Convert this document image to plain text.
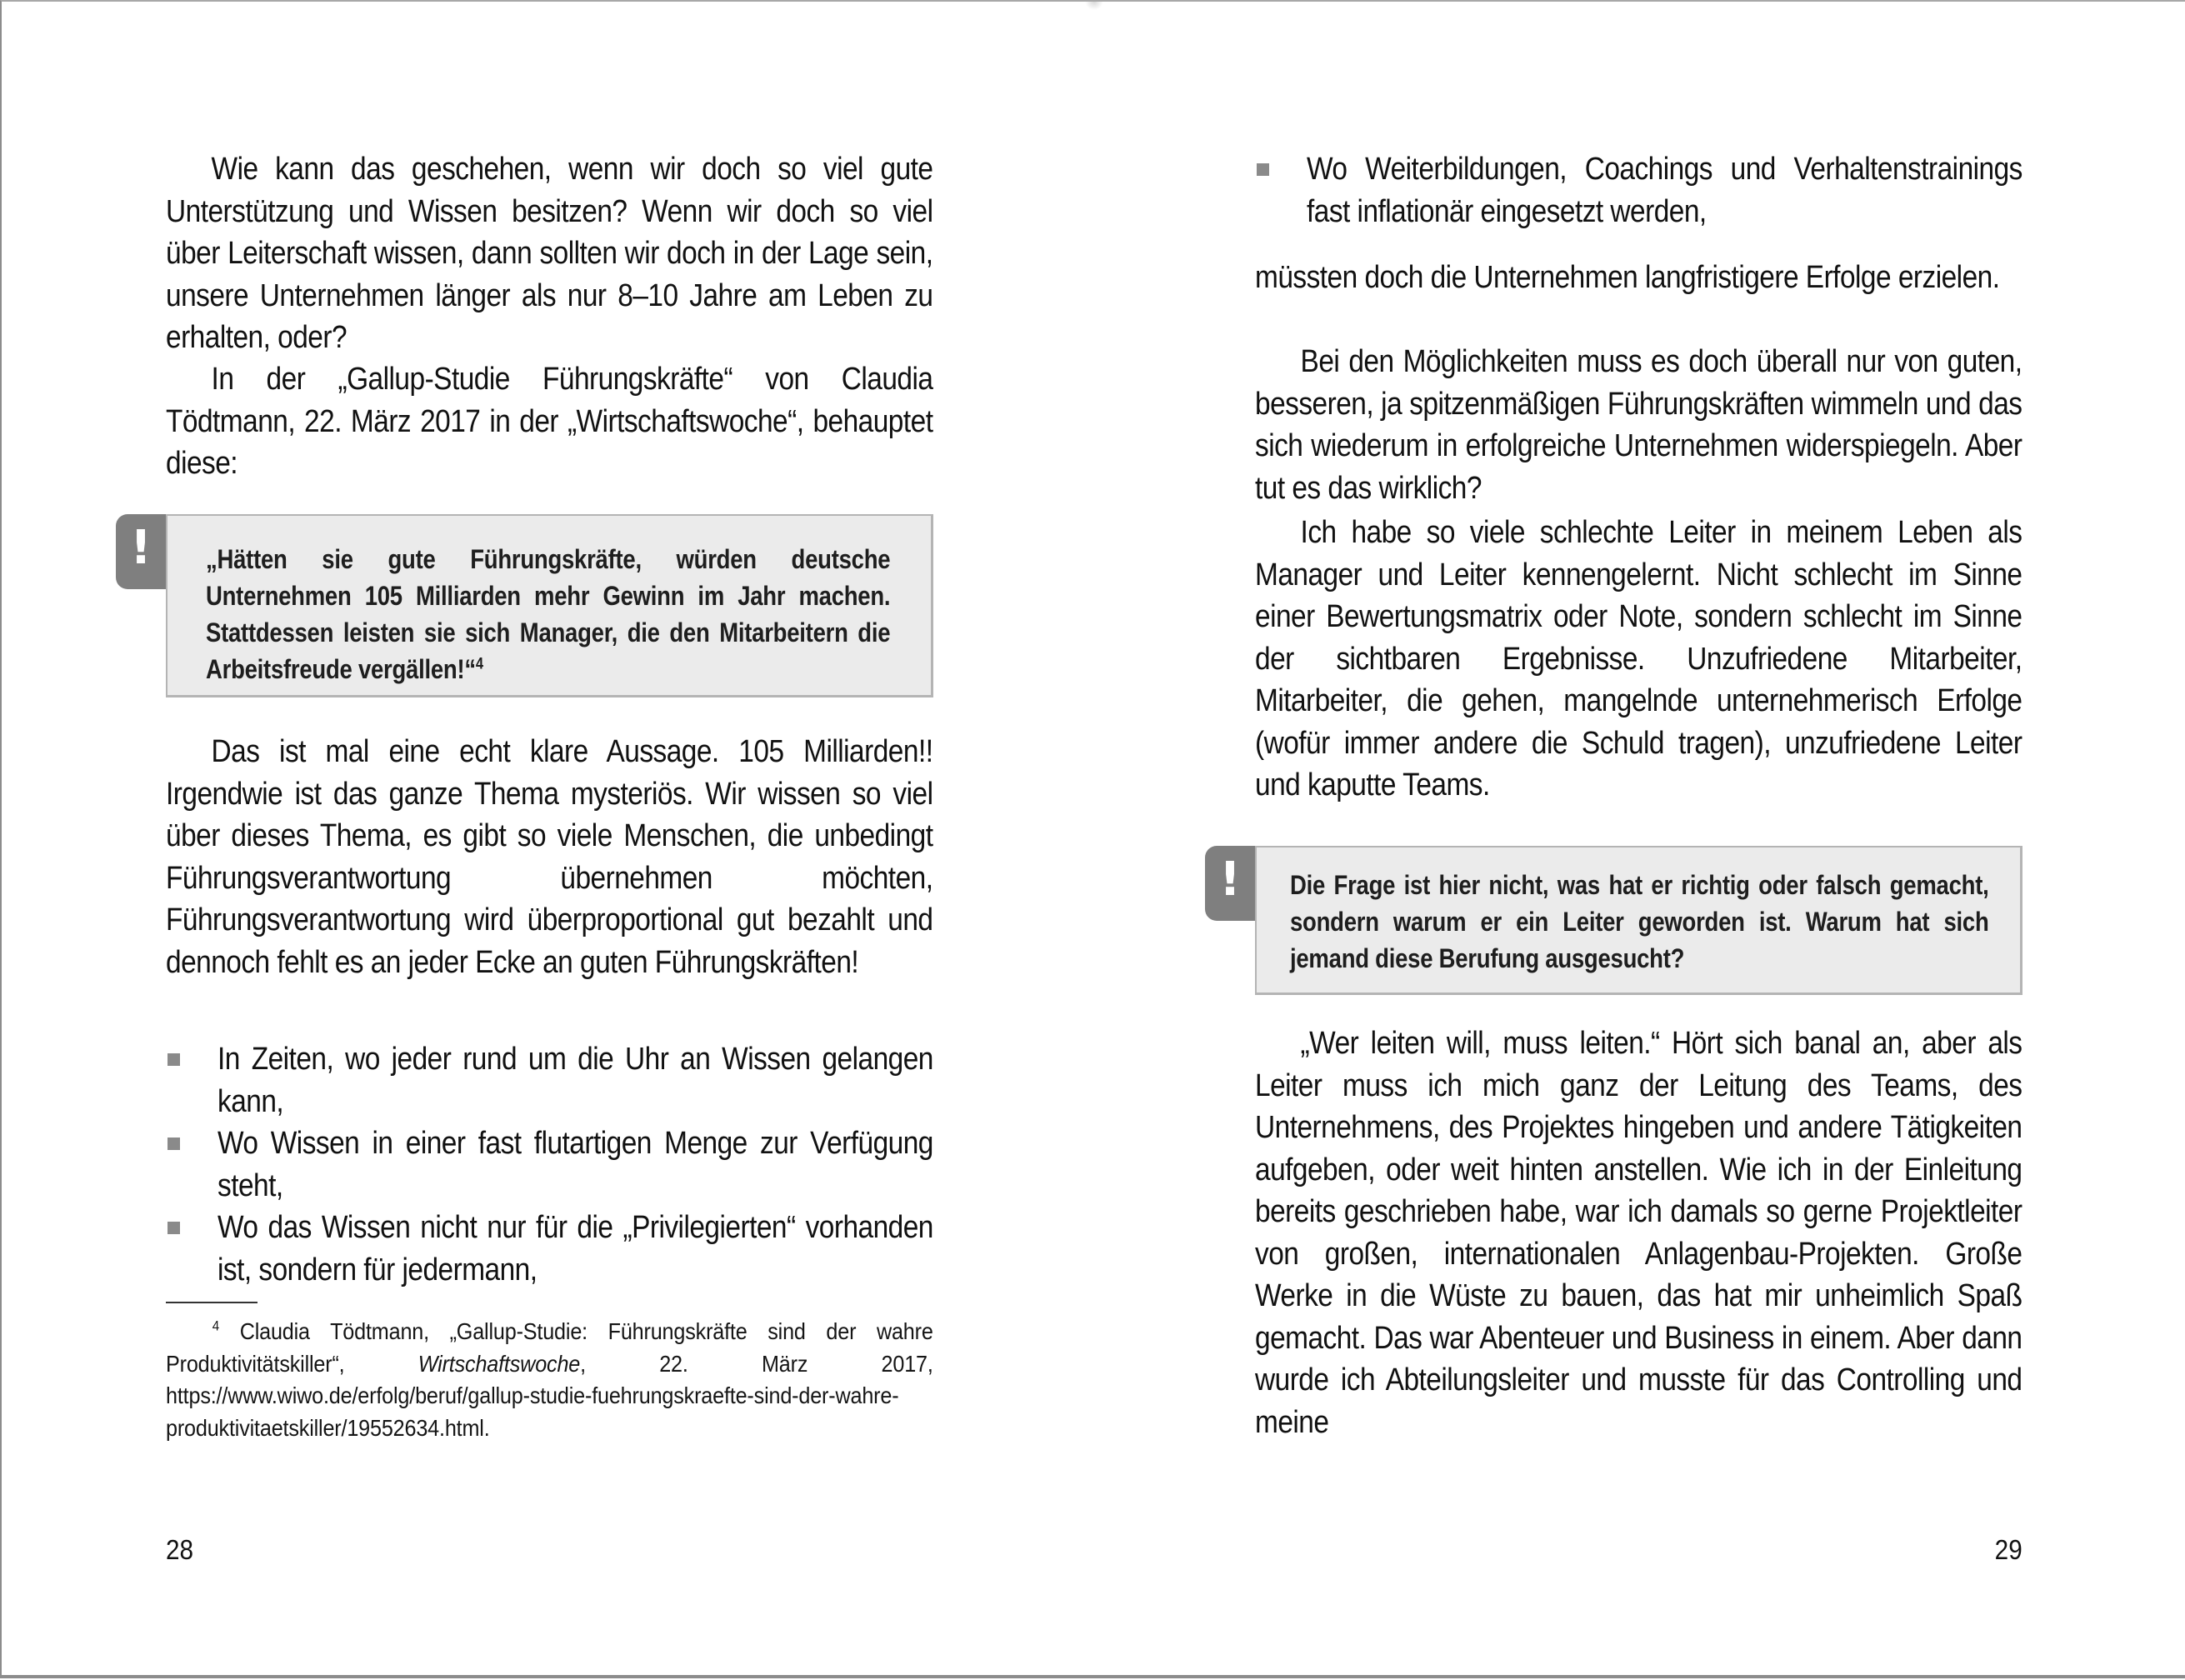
Wie kann das geschehen, wenn wir doch so viel gute Unterstützung und Wissen besitzen? Wenn wir doch so viel über Leiterschaft wissen, dann sollten wir doch in der Lage sein, unsere Unternehmen länger als nur 8–10 Jahre am Leben zu erhalten, oder?

In der „Gallup-Studie Führungskräfte“ von Claudia Tödtmann, 22. März 2017 in der „Wirtschaftswoche“, behauptet diese:

!	„Hätten sie gute Führungskräfte, würden deutsche Unternehmen 105 Milliarden mehr Gewinn im Jahr machen. Stattdessen leisten sie sich Manager, die den Mitarbeitern die Arbeitsfreude vergällen!“$^4$

Das ist mal eine echt klare Aussage. 105 Milliarden!! Irgendwie ist das ganze Thema mysteriös. Wir wissen so viel über dieses Thema, es gibt so viele Menschen, die unbedingt Führungsverantwortung übernehmen möchten, Führungsverantwortung wird überproportional gut bezahlt und dennoch fehlt es an jeder Ecke an guten Führungskräften!

In Zeiten, wo jeder rund um die Uhr an Wissen gelangen kann,
Wo Wissen in einer fast flutartigen Menge zur Verfügung steht,
Wo das Wissen nicht nur für die „Privilegierten“ vorhanden ist, sondern für jedermann,

$^4$ Claudia Tödtmann, „Gallup-Studie: Führungskräfte sind der wahre Produktivitätskiller“, Wirtschaftswoche, 22. März 2017, https://www.wiwo.de/erfolg/beruf/gallup-studie-fuehrungskraefte-sind-der-wahre-produktivitaetskiller/19552634.html.

28
Wo Weiterbildungen, Coachings und Verhaltenstrainings fast inflationär eingesetzt werden,

müssten doch die Unternehmen langfristigere Erfolge erzielen.

Bei den Möglichkeiten muss es doch überall nur von guten, besseren, ja spitzenmäßigen Führungskräften wimmeln und das sich wiederum in erfolgreiche Unternehmen widerspiegeln. Aber tut es das wirklich?

Ich habe so viele schlechte Leiter in meinem Leben als Manager und Leiter kennengelernt. Nicht schlecht im Sinne einer Bewertungsmatrix oder Note, sondern schlecht im Sinne der sichtbaren Ergebnisse. Unzufriedene Mitarbeiter, Mitarbeiter, die gehen, mangelnde unternehmerisch Erfolge (wofür immer andere die Schuld tragen), unzufriedene Leiter und kaputte Teams.

!	Die Frage ist hier nicht, was hat er richtig oder falsch gemacht, sondern warum er ein Leiter geworden ist. Warum hat sich jemand diese Berufung ausgesucht?

„Wer leiten will, muss leiten.“ Hört sich banal an, aber als Leiter muss ich mich ganz der Leitung des Teams, des Unternehmens, des Projektes hingeben und andere Tätigkeiten aufgeben, oder weit hinten anstellen. Wie ich in der Einleitung bereits geschrieben habe, war ich damals so gerne Projektleiter von großen, internationalen Anlagenbau-Projekten. Große Werke in die Wüste zu bauen, das hat mir unheimlich Spaß gemacht. Das war Abenteuer und Business in einem. Aber dann wurde ich Abteilungsleiter und musste für das Controlling und meine

29
